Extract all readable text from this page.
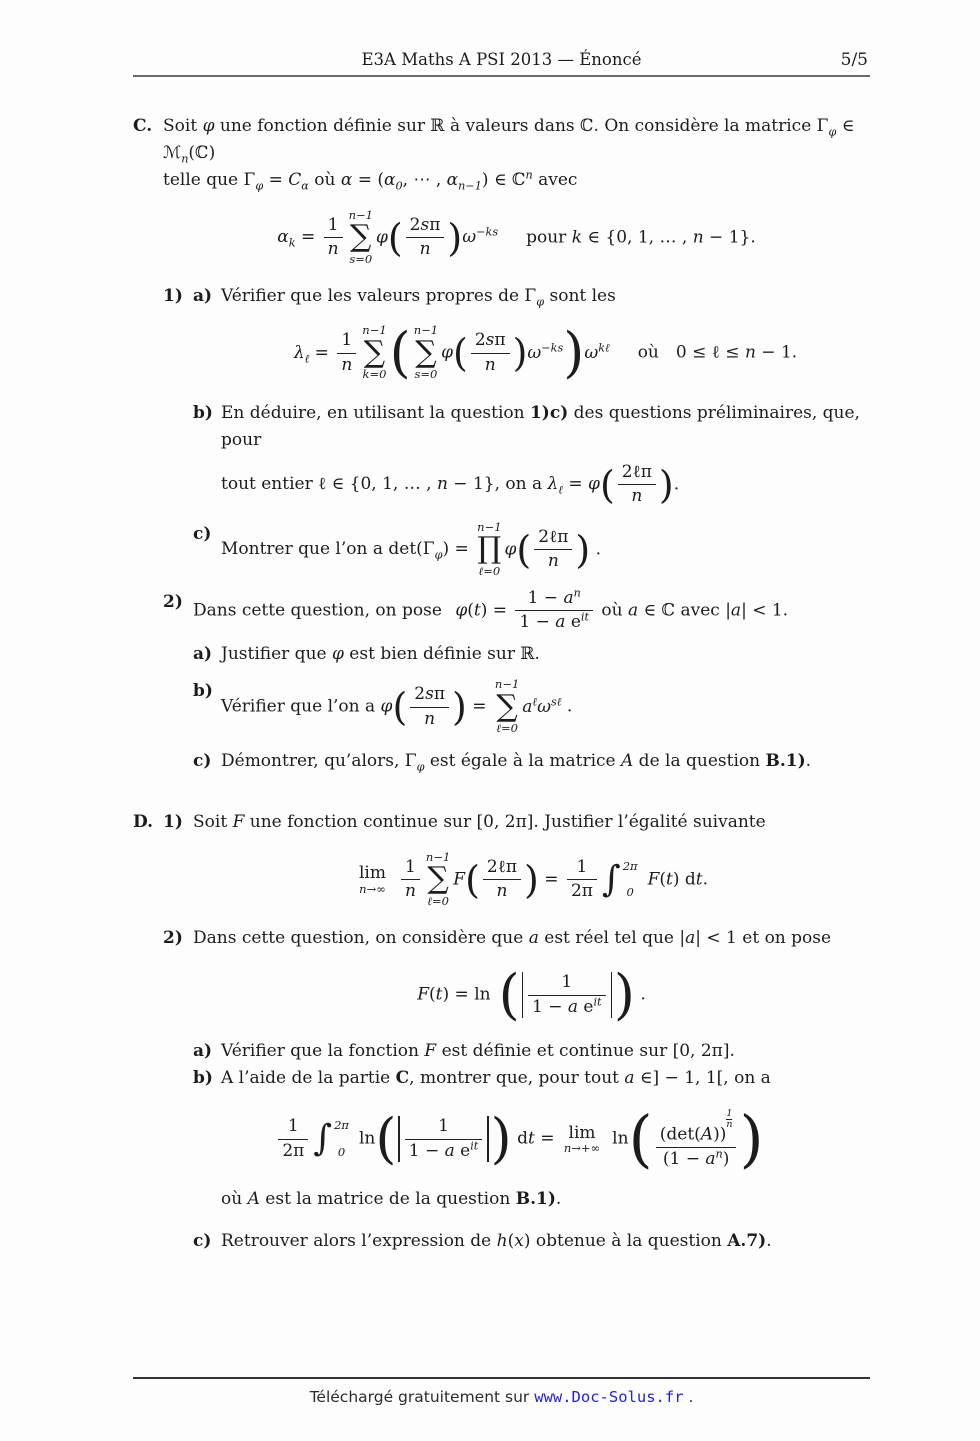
E3A Maths A PSI 2013 — Énoncé	5/5
C. Soit φ une fonction définie sur ℝ à valeurs dans ℂ. On considère la matrice $\Gamma_\varphi$ ∈ ℳ$_n$(ℂ)

telle que $\Gamma_\varphi = C_\alpha$ où $\alpha = (\alpha_0$, ⋯ , $\alpha_{n-1}$) ∈ ℂ$^n$ avec

$\alpha_k = \frac{1}{n}$
n−1
∑
s=0
$\varphi( \frac{2s\pi}{n} )\omega^{-ks}$ pour k ∈ {0, 1, … , n − 1}.
1) a) Vérifier que les valeurs propres de $\Gamma_\varphi$ sont les

$\lambda_\ell = \frac{1}{n}$
n−1
∑
k=0 ( n−1
∑
s=0
$\varphi( \frac{2s\pi}{n} )\omega^{-ks})\omega^{k\ell}$ où 0 ≤ ℓ ≤ n − 1.
b) En déduire, en utilisant la question 1)c) des questions préliminaires, que, pour

tout entier ℓ ∈ {0, 1, … , n − 1}, on a $\lambda_\ell = \varphi( \frac{\text{2ℓπ}}{n}$ ).

c)

Montrer que l’on a $\det(\Gamma_\varphi)$ =
n−1
∏
ℓ=0
$\varphi( \frac{\text{2ℓπ}}{n}$ ) .

2) Dans cette question, on pose $\varphi(t) = \frac{1 - a^n}{1 - a e^{it}}$ où a ∈ ℂ avec |a| < 1.

a) Justifier que φ est bien définie sur ℝ.

b)

Vérifier que l’on a $\varphi( \frac{2s\pi}{n}$ ) =
n−1
∑
ℓ=0
$a^\ell\omega^{s\ell}$ .

c) Démontrer, qu’alors, $\Gamma_\varphi$ est égale à la matrice A de la question B.1).

D. 1) Soit F une fonction continue sur [0, 2π]. Justifier l’égalité suivante

lim
$n\to\infty \frac{1}{n}$
n−1
∑
ℓ=0
$F( \frac{\text{2ℓπ}}{n}$ ) = $\frac{1}{2\pi}$ ∫ 2π
0
F(t) dt.
2) Dans cette question, on considère que a est réel tel que |a| < 1 et on pose

F(t) = ln ( $\frac{1}{1 - a e^{it}}$ ) .
a) Vérifier que la fonction F est définie et continue sur [0, 2π].

b) A l’aide de la partie C, montrer que, pour tout a ∈] − 1, 1[, on a

$\frac{1}{2\pi}$ ∫ 2π
0
$\ln( \frac{1}{1 - a e^{it}}$ ) dt = lim
n→+∞ ln( (det(A))
$^{\frac{1}{n}}$
$(1 - a^n)$ )

où A est la matrice de la question B.1).

c) Retrouver alors l’expression de h(x) obtenue à la question A.7).

Téléchargé gratuitement sur www.Doc-Solus.fr .
